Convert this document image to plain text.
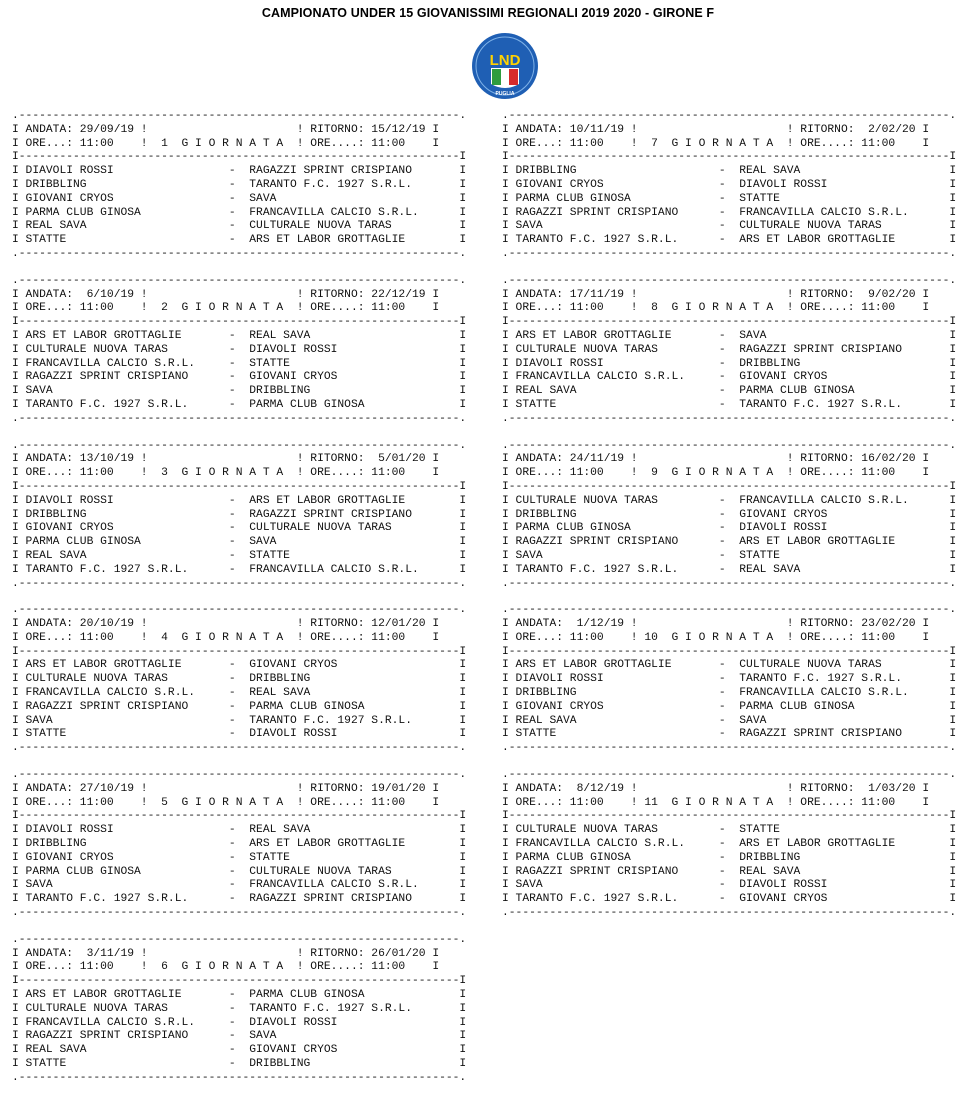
CAMPIONATO UNDER 15 GIOVANISSIMI REGIONALI 2019 2020 - GIRONE F
LND
PUGLIA
.-----------------------------------------------------------------.
I ANDATA: 29/09/19 !                      ! RITORNO: 15/12/19 I
I ORE...: 11:00    !  1  G I O R N A T A  ! ORE....: 11:00    I
I-----------------------------------------------------------------I
I DIAVOLI ROSSI                 -  RAGAZZI SPRINT CRISPIANO       I
I DRIBBLING                     -  TARANTO F.C. 1927 S.R.L.       I
I GIOVANI CRYOS                 -  SAVA                           I
I PARMA CLUB GINOSA             -  FRANCAVILLA CALCIO S.R.L.      I
I REAL SAVA                     -  CULTURALE NUOVA TARAS          I
I STATTE                        -  ARS ET LABOR GROTTAGLIE        I
.-----------------------------------------------------------------.
.-----------------------------------------------------------------.
I ANDATA:  6/10/19 !                      ! RITORNO: 22/12/19 I
I ORE...: 11:00    !  2  G I O R N A T A  ! ORE....: 11:00    I
I-----------------------------------------------------------------I
I ARS ET LABOR GROTTAGLIE       -  REAL SAVA                      I
I CULTURALE NUOVA TARAS         -  DIAVOLI ROSSI                  I
I FRANCAVILLA CALCIO S.R.L.     -  STATTE                         I
I RAGAZZI SPRINT CRISPIANO      -  GIOVANI CRYOS                  I
I SAVA                          -  DRIBBLING                      I
I TARANTO F.C. 1927 S.R.L.      -  PARMA CLUB GINOSA              I
.-----------------------------------------------------------------.
.-----------------------------------------------------------------.
I ANDATA: 13/10/19 !                      ! RITORNO:  5/01/20 I
I ORE...: 11:00    !  3  G I O R N A T A  ! ORE....: 11:00    I
I-----------------------------------------------------------------I
I DIAVOLI ROSSI                 -  ARS ET LABOR GROTTAGLIE        I
I DRIBBLING                     -  RAGAZZI SPRINT CRISPIANO       I
I GIOVANI CRYOS                 -  CULTURALE NUOVA TARAS          I
I PARMA CLUB GINOSA             -  SAVA                           I
I REAL SAVA                     -  STATTE                         I
I TARANTO F.C. 1927 S.R.L.      -  FRANCAVILLA CALCIO S.R.L.      I
.-----------------------------------------------------------------.
.-----------------------------------------------------------------.
I ANDATA: 20/10/19 !                      ! RITORNO: 12/01/20 I
I ORE...: 11:00    !  4  G I O R N A T A  ! ORE....: 11:00    I
I-----------------------------------------------------------------I
I ARS ET LABOR GROTTAGLIE       -  GIOVANI CRYOS                  I
I CULTURALE NUOVA TARAS         -  DRIBBLING                      I
I FRANCAVILLA CALCIO S.R.L.     -  REAL SAVA                      I
I RAGAZZI SPRINT CRISPIANO      -  PARMA CLUB GINOSA              I
I SAVA                          -  TARANTO F.C. 1927 S.R.L.       I
I STATTE                        -  DIAVOLI ROSSI                  I
.-----------------------------------------------------------------.
.-----------------------------------------------------------------.
I ANDATA: 27/10/19 !                      ! RITORNO: 19/01/20 I
I ORE...: 11:00    !  5  G I O R N A T A  ! ORE....: 11:00    I
I-----------------------------------------------------------------I
I DIAVOLI ROSSI                 -  REAL SAVA                      I
I DRIBBLING                     -  ARS ET LABOR GROTTAGLIE        I
I GIOVANI CRYOS                 -  STATTE                         I
I PARMA CLUB GINOSA             -  CULTURALE NUOVA TARAS          I
I SAVA                          -  FRANCAVILLA CALCIO S.R.L.      I
I TARANTO F.C. 1927 S.R.L.      -  RAGAZZI SPRINT CRISPIANO       I
.-----------------------------------------------------------------.
.-----------------------------------------------------------------.
I ANDATA:  3/11/19 !                      ! RITORNO: 26/01/20 I
I ORE...: 11:00    !  6  G I O R N A T A  ! ORE....: 11:00    I
I-----------------------------------------------------------------I
I ARS ET LABOR GROTTAGLIE       -  PARMA CLUB GINOSA              I
I CULTURALE NUOVA TARAS         -  TARANTO F.C. 1927 S.R.L.       I
I FRANCAVILLA CALCIO S.R.L.     -  DIAVOLI ROSSI                  I
I RAGAZZI SPRINT CRISPIANO      -  SAVA                           I
I REAL SAVA                     -  GIOVANI CRYOS                  I
I STATTE                        -  DRIBBLING                      I
.-----------------------------------------------------------------.
.-----------------------------------------------------------------.
I ANDATA: 10/11/19 !                      ! RITORNO:  2/02/20 I
I ORE...: 11:00    !  7  G I O R N A T A  ! ORE....: 11:00    I
I-----------------------------------------------------------------I
I DRIBBLING                     -  REAL SAVA                      I
I GIOVANI CRYOS                 -  DIAVOLI ROSSI                  I
I PARMA CLUB GINOSA             -  STATTE                         I
I RAGAZZI SPRINT CRISPIANO      -  FRANCAVILLA CALCIO S.R.L.      I
I SAVA                          -  CULTURALE NUOVA TARAS          I
I TARANTO F.C. 1927 S.R.L.      -  ARS ET LABOR GROTTAGLIE        I
.-----------------------------------------------------------------.
.-----------------------------------------------------------------.
I ANDATA: 17/11/19 !                      ! RITORNO:  9/02/20 I
I ORE...: 11:00    !  8  G I O R N A T A  ! ORE....: 11:00    I
I-----------------------------------------------------------------I
I ARS ET LABOR GROTTAGLIE       -  SAVA                           I
I CULTURALE NUOVA TARAS         -  RAGAZZI SPRINT CRISPIANO       I
I DIAVOLI ROSSI                 -  DRIBBLING                      I
I FRANCAVILLA CALCIO S.R.L.     -  GIOVANI CRYOS                  I
I REAL SAVA                     -  PARMA CLUB GINOSA              I
I STATTE                        -  TARANTO F.C. 1927 S.R.L.       I
.-----------------------------------------------------------------.
.-----------------------------------------------------------------.
I ANDATA: 24/11/19 !                      ! RITORNO: 16/02/20 I
I ORE...: 11:00    !  9  G I O R N A T A  ! ORE....: 11:00    I
I-----------------------------------------------------------------I
I CULTURALE NUOVA TARAS         -  FRANCAVILLA CALCIO S.R.L.      I
I DRIBBLING                     -  GIOVANI CRYOS                  I
I PARMA CLUB GINOSA             -  DIAVOLI ROSSI                  I
I RAGAZZI SPRINT CRISPIANO      -  ARS ET LABOR GROTTAGLIE        I
I SAVA                          -  STATTE                         I
I TARANTO F.C. 1927 S.R.L.      -  REAL SAVA                      I
.-----------------------------------------------------------------.
.-----------------------------------------------------------------.
I ANDATA:  1/12/19 !                      ! RITORNO: 23/02/20 I
I ORE...: 11:00    ! 10  G I O R N A T A  ! ORE....: 11:00    I
I-----------------------------------------------------------------I
I ARS ET LABOR GROTTAGLIE       -  CULTURALE NUOVA TARAS          I
I DIAVOLI ROSSI                 -  TARANTO F.C. 1927 S.R.L.       I
I DRIBBLING                     -  FRANCAVILLA CALCIO S.R.L.      I
I GIOVANI CRYOS                 -  PARMA CLUB GINOSA              I
I REAL SAVA                     -  SAVA                           I
I STATTE                        -  RAGAZZI SPRINT CRISPIANO       I
.-----------------------------------------------------------------.
.-----------------------------------------------------------------.
I ANDATA:  8/12/19 !                      ! RITORNO:  1/03/20 I
I ORE...: 11:00    ! 11  G I O R N A T A  ! ORE....: 11:00    I
I-----------------------------------------------------------------I
I CULTURALE NUOVA TARAS         -  STATTE                         I
I FRANCAVILLA CALCIO S.R.L.     -  ARS ET LABOR GROTTAGLIE        I
I PARMA CLUB GINOSA             -  DRIBBLING                      I
I RAGAZZI SPRINT CRISPIANO      -  REAL SAVA                      I
I SAVA                          -  DIAVOLI ROSSI                  I
I TARANTO F.C. 1927 S.R.L.      -  GIOVANI CRYOS                  I
.-----------------------------------------------------------------.
